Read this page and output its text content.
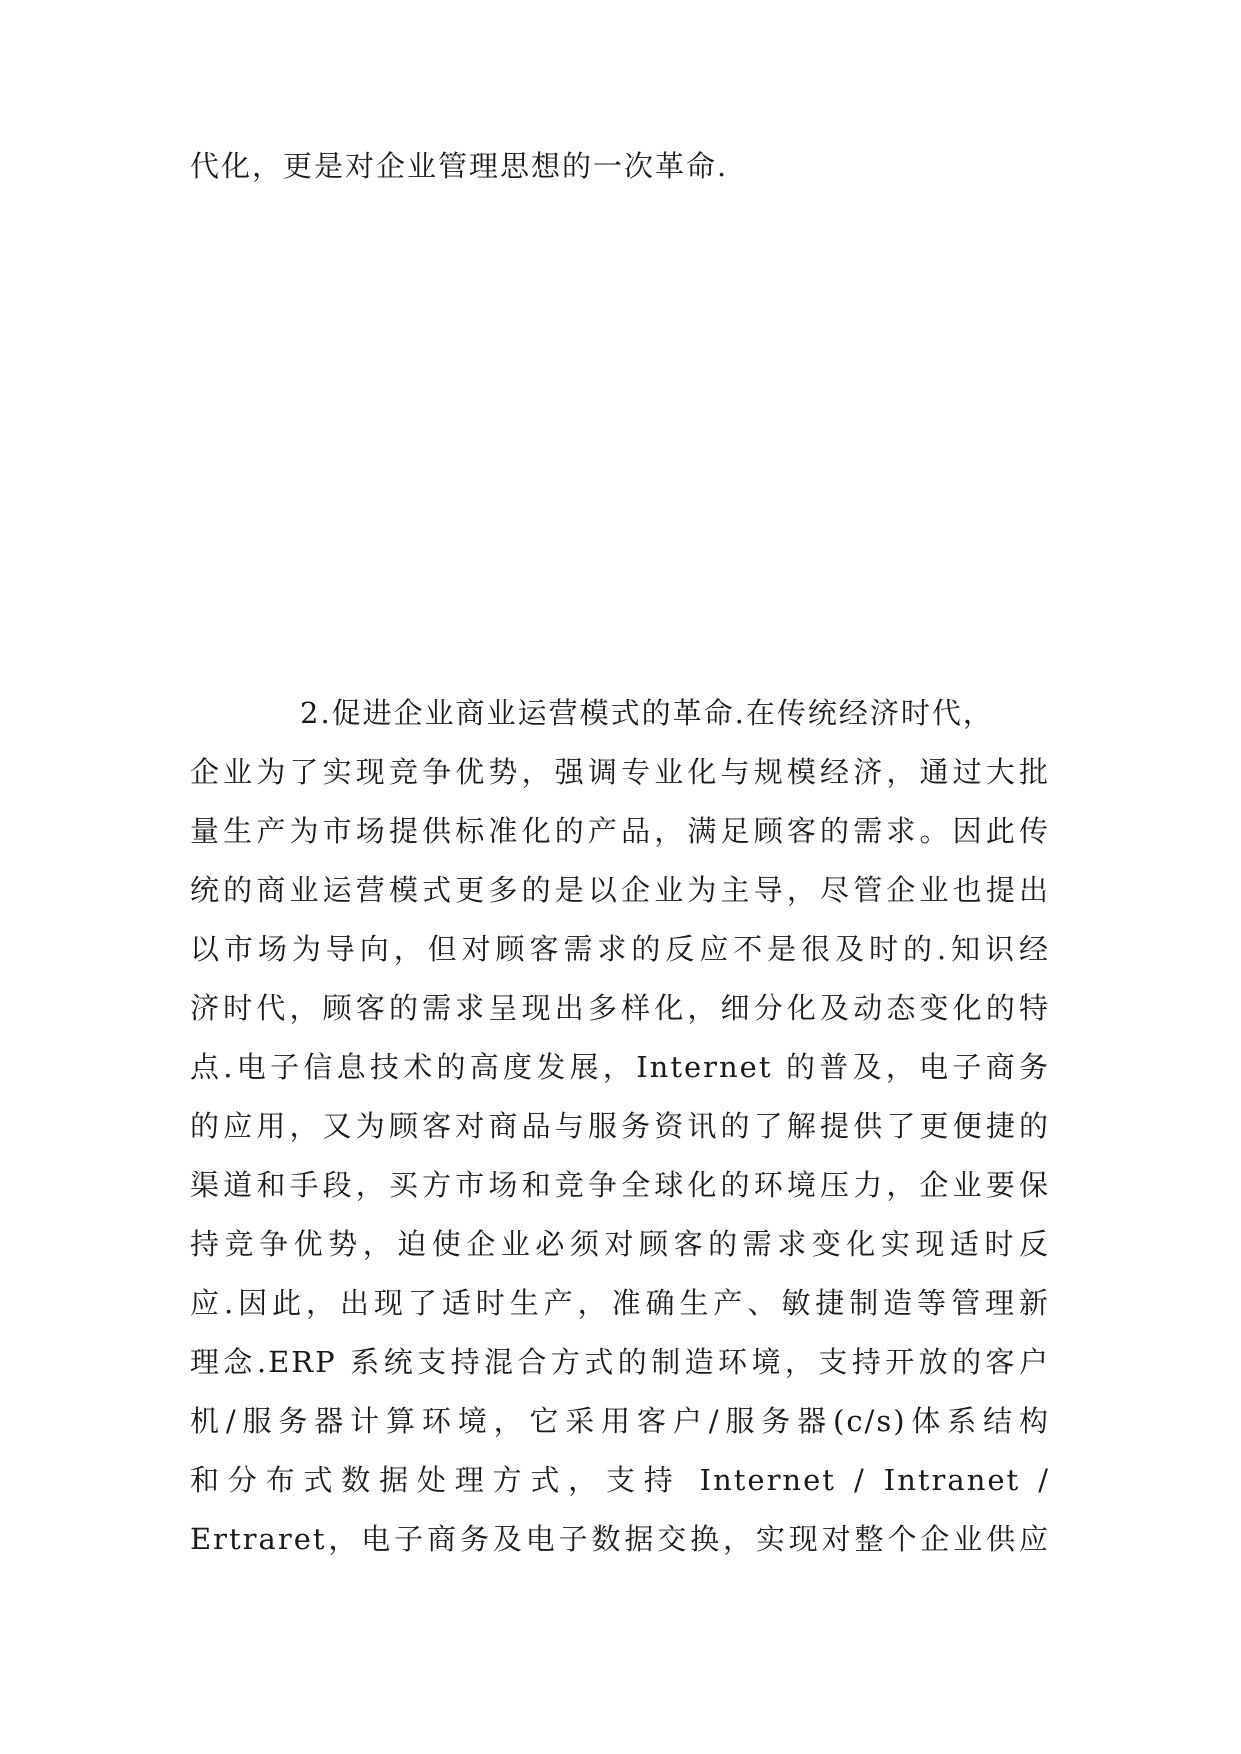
代化，更是对企业管理思想的一次革命.

2.促进企业商业运营模式的革命.在传统经济时代，

企业为了实现竞争优势，强调专业化与规模经济，通过大批

量生产为市场提供标准化的产品，满足顾客的需求。因此传

统的商业运营模式更多的是以企业为主导，尽管企业也提出

以市场为导向，但对顾客需求的反应不是很及时的.知识经

济时代，顾客的需求呈现出多样化，细分化及动态变化的特

点.电子信息技术的高度发展，Internet 的普及，电子商务

的应用，又为顾客对商品与服务资讯的了解提供了更便捷的

渠道和手段，买方市场和竞争全球化的环境压力，企业要保

持竞争优势，迫使企业必须对顾客的需求变化实现适时反

应.因此，出现了适时生产，准确生产、敏捷制造等管理新

理念.ERP 系统支持混合方式的制造环境，支持开放的客户

机/服务器计算环境，它采用客户/服务器(c/s)体系结构

和分布式数据处理方式，支持 Internet / Intranet /

Ertraret，电子商务及电子数据交换，实现对整个企业供应
